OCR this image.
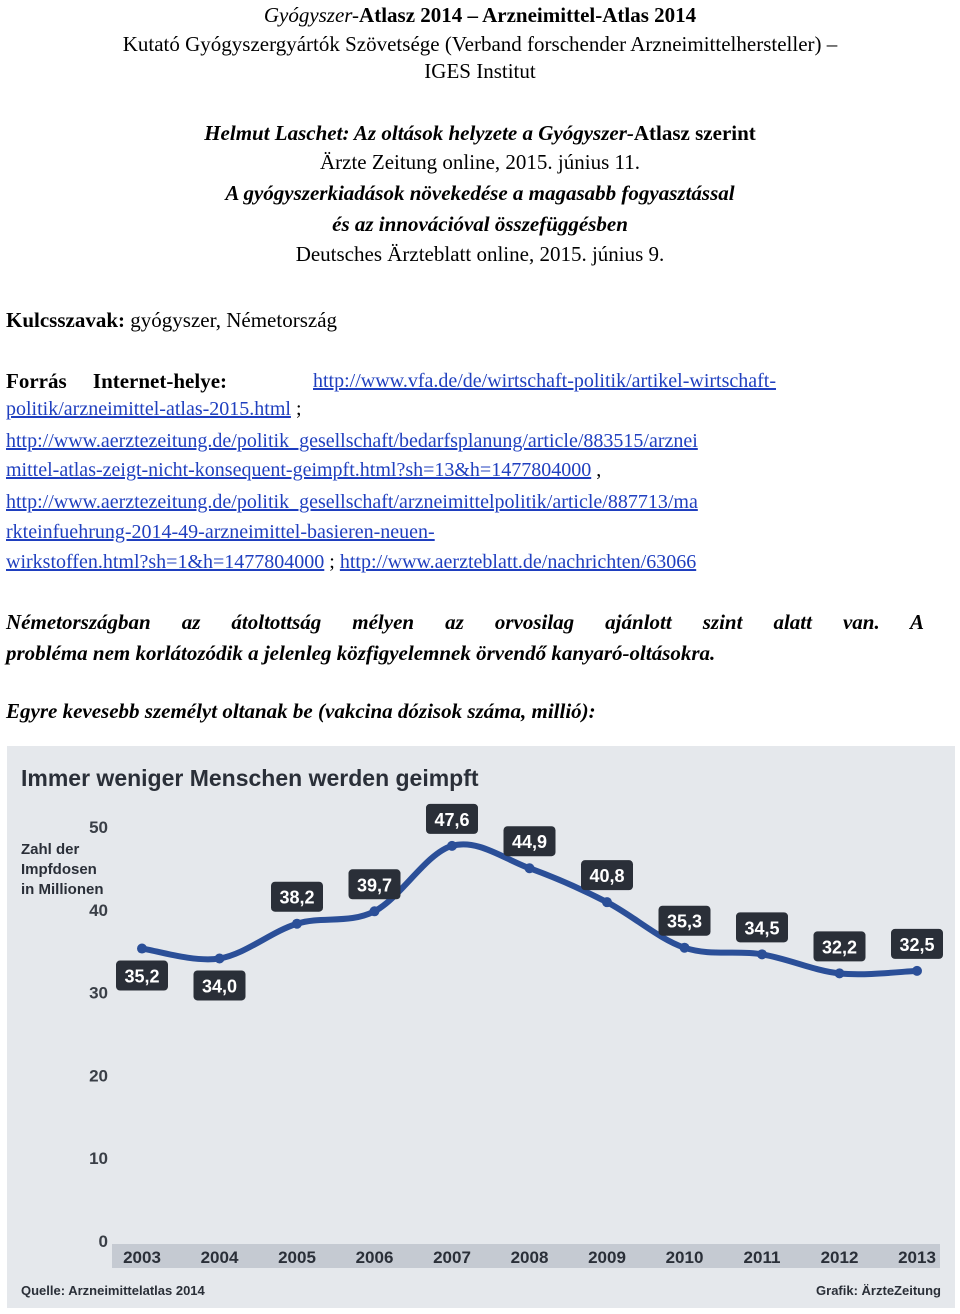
Gyógyszer-Atlasz 2014 – Arzneimittel-Atlas 2014
Kutató Gyógyszergyártók Szövetsége (Verband forschender Arzneimittelhersteller) –
IGES Institut
Helmut Laschet: Az oltások helyzete a Gyógyszer-Atlasz szerint
Ärzte Zeitung online, 2015. június 11.
A gyógyszerkiadások növekedése a magasabb fogyasztással
és az innovációval összefüggésben
Deutsches Ärzteblatt online, 2015. június 9.
Kulcsszavak: gyógyszer, Németország
Forrás     Internet-helye:	http://www.vfa.de/de/wirtschaft-politik/artikel-wirtschaft-
politik/arzneimittel-atlas-2015.html ;
http://www.aerztezeitung.de/politik_gesellschaft/bedarfsplanung/article/883515/arznei
mittel-atlas-zeigt-nicht-konsequent-geimpft.html?sh=13&h=1477804000 ,
http://www.aerztezeitung.de/politik_gesellschaft/arzneimittelpolitik/article/887713/ma
rkteinfuehrung-2014-49-arzneimittel-basieren-neuen-
wirkstoffen.html?sh=1&h=1477804000 ; http://www.aerzteblatt.de/nachrichten/63066
Németországban az átoltottság mélyen az orvosilag ajánlott szint alatt van. A
probléma nem korlátozódik a jelenleg közfigyelemnek örvendő kanyaró-oltásokra.
Egyre kevesebb személyt oltanak be (vakcina dózisok száma, millió):
Immer weniger Menschen werden geimpft
0
10
20
30
40
50
Zahl der
Impfdosen
in Millionen
2003 2004 2005 2006 2007 2008 2009 2010 2011 2012 2013
35,2 34,0
38,2
39,7
47,6
44,9
40,8
35,3 34,5
32,2 32,5
Quelle: Arzneimittelatlas 2014	Grafik: ÄrzteZeitung
